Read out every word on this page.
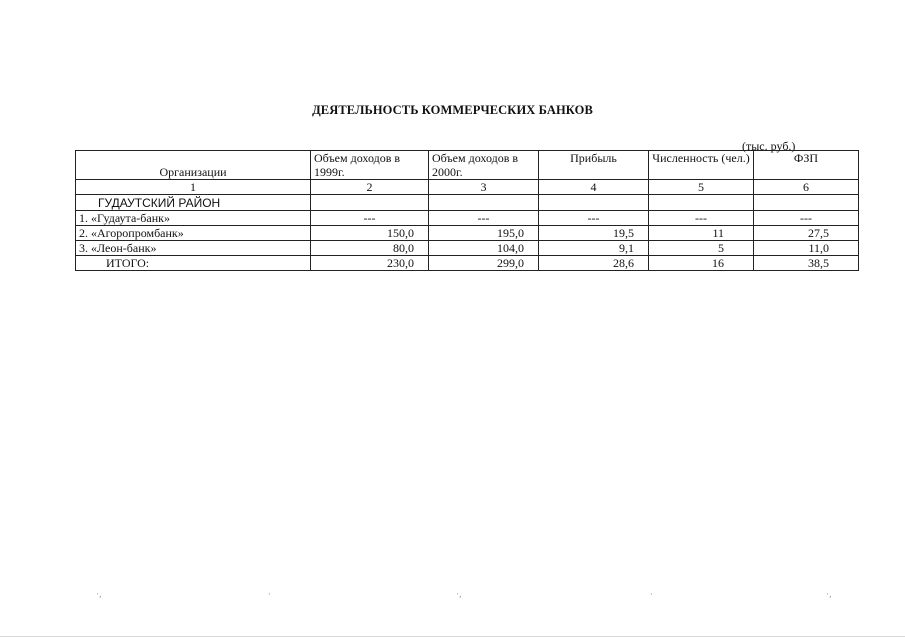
ДЕЯТЕЛЬНОСТЬ КОММЕРЧЕСКИХ БАНКОВ
(тыс. руб.)
Организации	Объем доходов в 1999г.	Объем доходов в 2000г.	Прибыль	Численность (чел.)	ФЗП
1	2	3	4	5	6
ГУДАУТСКИЙ РАЙОН					
1. «Гудаута-банк»	---	---	---	---	---
2. «Агоропромбанк»	150,0	195,0	19,5	11	27,5
3. «Леон-банк»	80,0	104,0	9,1	5	11,0
ИТОГО:	230,0	299,0	28,6	16	38,5
·,	·	·,	·	·,
